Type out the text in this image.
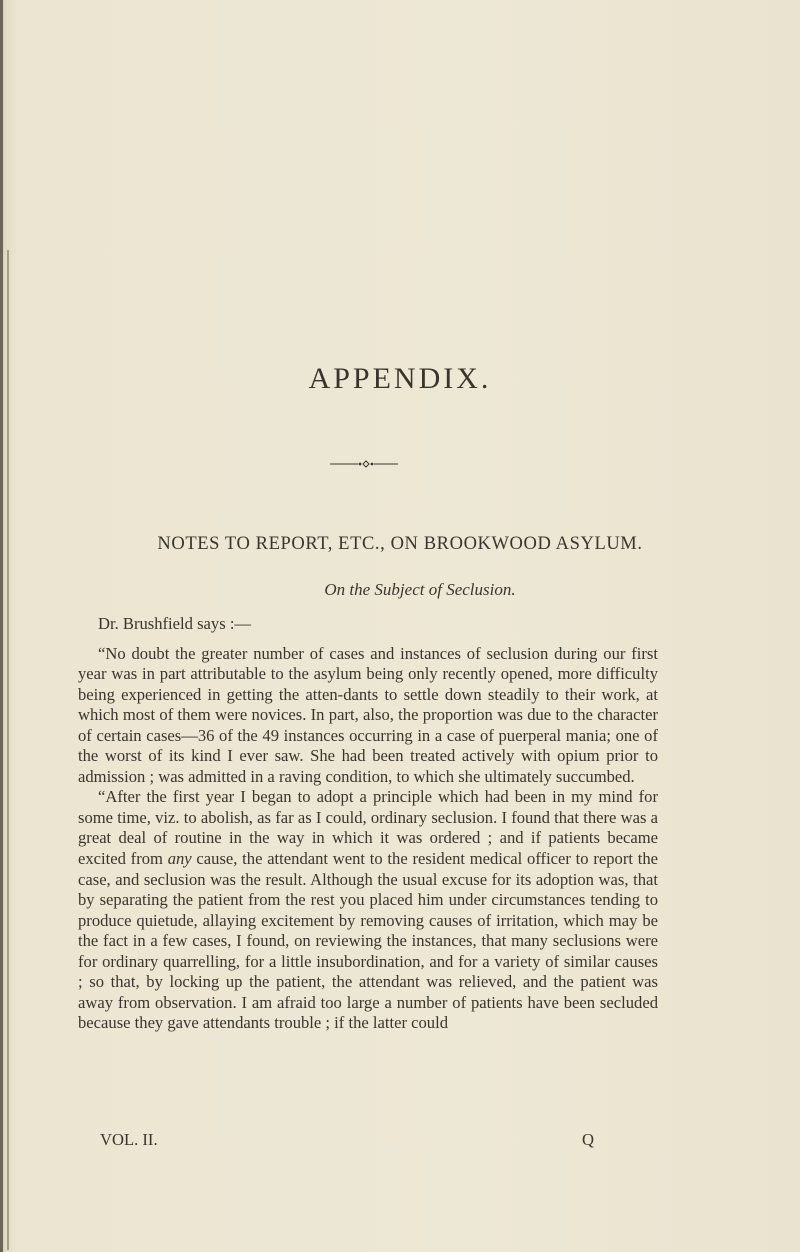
APPENDIX.
NOTES TO REPORT, ETC., ON BROOKWOOD ASYLUM.
On the Subject of Seclusion.

Dr. Brushfield says :—

“No doubt the greater number of cases and instances of seclusion during our first year was in part attributable to the asylum being only recently opened, more difficulty being experienced in getting the atten-dants to settle down steadily to their work, at which most of them were novices. In part, also, the proportion was due to the character of certain cases—36 of the 49 instances occurring in a case of puerperal mania; one of the worst of its kind I ever saw. She had been treated actively with opium prior to admission ; was admitted in a raving condition, to which she ultimately succumbed.

“After the first year I began to adopt a principle which had been in my mind for some time, viz. to abolish, as far as I could, ordinary seclusion. I found that there was a great deal of routine in the way in which it was ordered ; and if patients became excited from any cause, the attendant went to the resident medical officer to report the case, and seclusion was the result. Although the usual excuse for its adoption was, that by separating the patient from the rest you placed him under circumstances tending to produce quietude, allaying excitement by removing causes of irritation, which may be the fact in a few cases, I found, on reviewing the instances, that many seclusions were for ordinary quarrelling, for a little insubordination, and for a variety of similar causes ; so that, by locking up the patient, the attendant was relieved, and the patient was away from observation. I am afraid too large a number of patients have been secluded because they gave attendants trouble ; if the latter could

VOL. II.	Q
